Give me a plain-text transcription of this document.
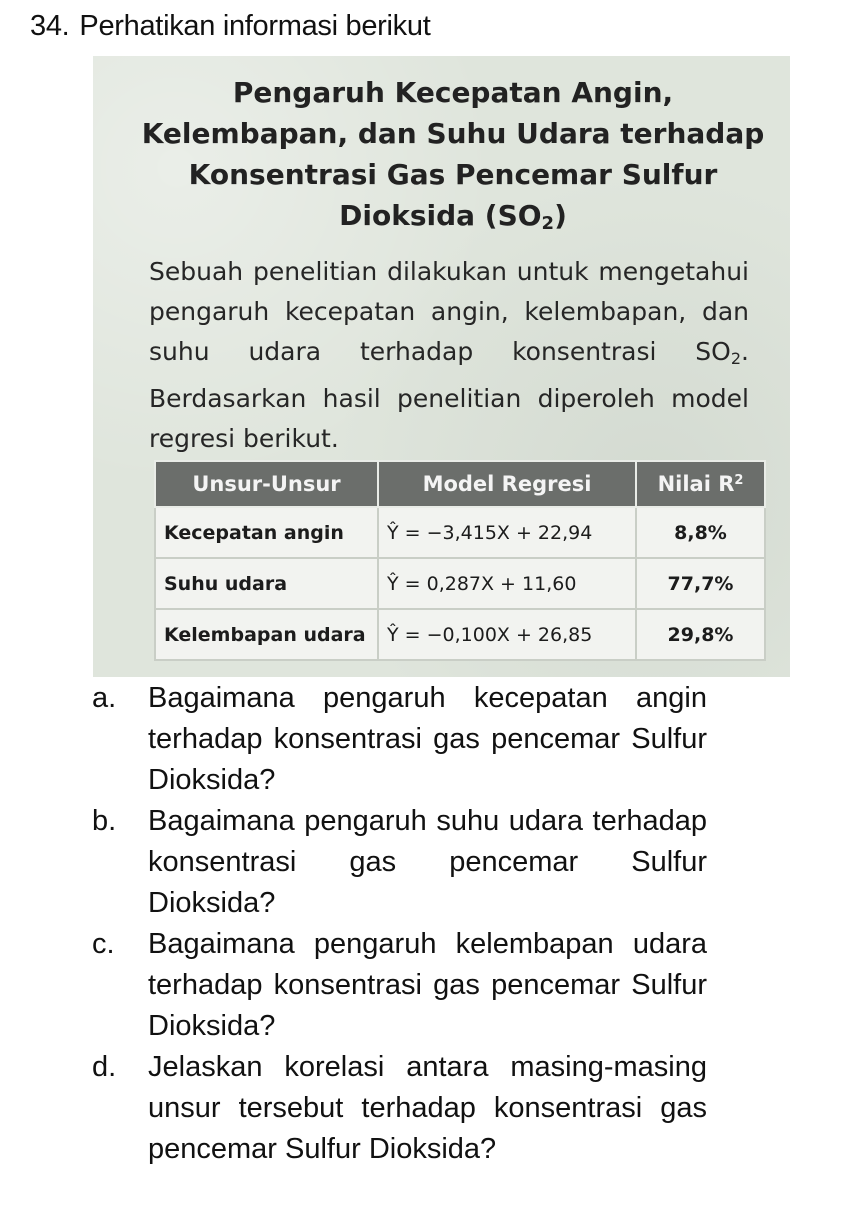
34. Perhatikan informasi berikut
Pengaruh Kecepatan Angin, Kelembapan, dan Suhu Udara terhadap Konsentrasi Gas Pencemar Sulfur Dioksida $(SO_2)$
Sebuah penelitian dilakukan untuk mengetahui pengaruh kecepatan angin, kelembapan, dan suhu udara terhadap konsentrasi $SO_2$. Berdasarkan hasil penelitian diperoleh model regresi berikut.
Unsur-Unsur	Model Regresi	Nilai $R^2$
Kecepatan angin	Ŷ = −3,415X + 22,94	8,8%
Suhu udara	Ŷ = 0,287X + 11,60	77,7%
Kelembapan udara	Ŷ = −0,100X + 26,85	29,8%
a.	Bagaimana pengaruh kecepatan angin terhadap konsentrasi gas pencemar Sulfur Dioksida?
b.	Bagaimana pengaruh suhu udara terhadap konsentrasi gas pencemar Sulfur Dioksida?
c.	Bagaimana pengaruh kelembapan udara terhadap konsentrasi gas pencemar Sulfur Dioksida?
d.	Jelaskan korelasi antara masing-masing unsur tersebut terhadap konsentrasi gas pencemar Sulfur Dioksida?
